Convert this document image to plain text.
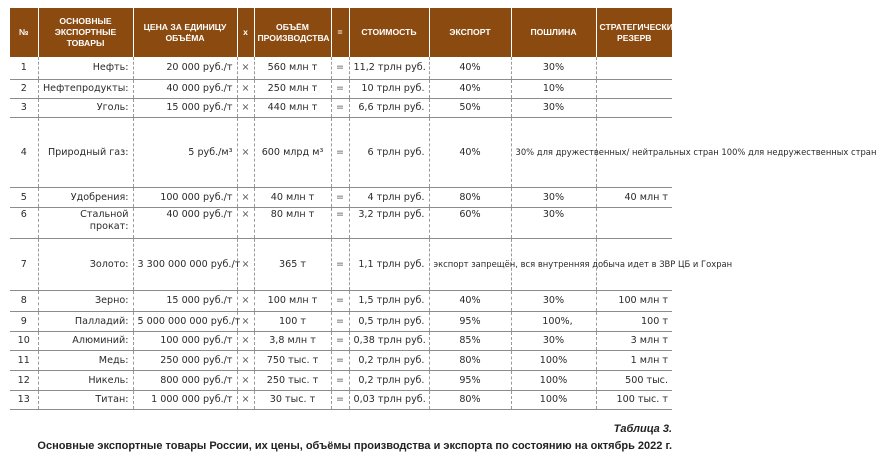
№	ОСНОВНЫЕ ЭКСПОРТНЫЕ ТОВАРЫ	ЦЕНА ЗА ЕДИНИЦУ ОБЪЁМА	x	ОБЪЁМ ПРОИЗВОДСТВА	=	СТОИМОСТЬ	ЭКСПОРТ	ПОШЛИНА	СТРАТЕГИЧЕСКИЙ РЕЗЕРВ
1	Нефть:	20 000 руб./т	×	560 млн т	=	11,2 трлн руб.	40%	30%	
2	Нефтепродукты:	40 000 руб./т	×	250 млн т	=	10 трлн руб.	40%	10%	
3	Уголь:	15 000 руб./т	×	440 млн т	=	6,6 трлн руб.	50%	30%	
4	Природный газ:	5 руб./м³	×	600 млрд м³	=	6 трлн руб.	40%	30% для дружественных/ нейтральных стран 100% для недружественных стран	
5	Удобрения:	100 000 руб./т	×	40 млн т	=	4 трлн руб.	80%	30%	40 млн т
6	Стальной прокат:	40 000 руб./т	×	80 млн т	=	3,2 трлн руб.	60%	30%	
7	Золото:	3 300 000 000 руб./т	×	365 т	=	1,1 трлн руб.	экспорт запрещён, вся внутренняя добыча идет в ЗВР ЦБ и Гохран		
8	Зерно:	15 000 руб./т	×	100 млн т	=	1,5 трлн руб.	40%	30%	100 млн т
9	Палладий:	5 000 000 000 руб./т	×	100 т	=	0,5 трлн руб.	95%	100%,	100 т
10	Алюминий:	100 000 руб./т	×	3,8 млн т	=	0,38 трлн руб.	85%	30%	3 млн т
11	Медь:	250 000 руб./т	×	750 тыс. т	=	0,2 трлн руб.	80%	100%	1 млн т
12	Никель:	800 000 руб./т	×	250 тыс. т	=	0,2 трлн руб.	95%	100%	500 тыс.
13	Титан:	1 000 000 руб./т	×	30 тыс. т	=	0,03 трлн руб.	80%	100%	100 тыс. т
Таблица 3.
Основные экспортные товары России, их цены, объёмы производства и экспорта по состоянию на октябрь 2022 г.
